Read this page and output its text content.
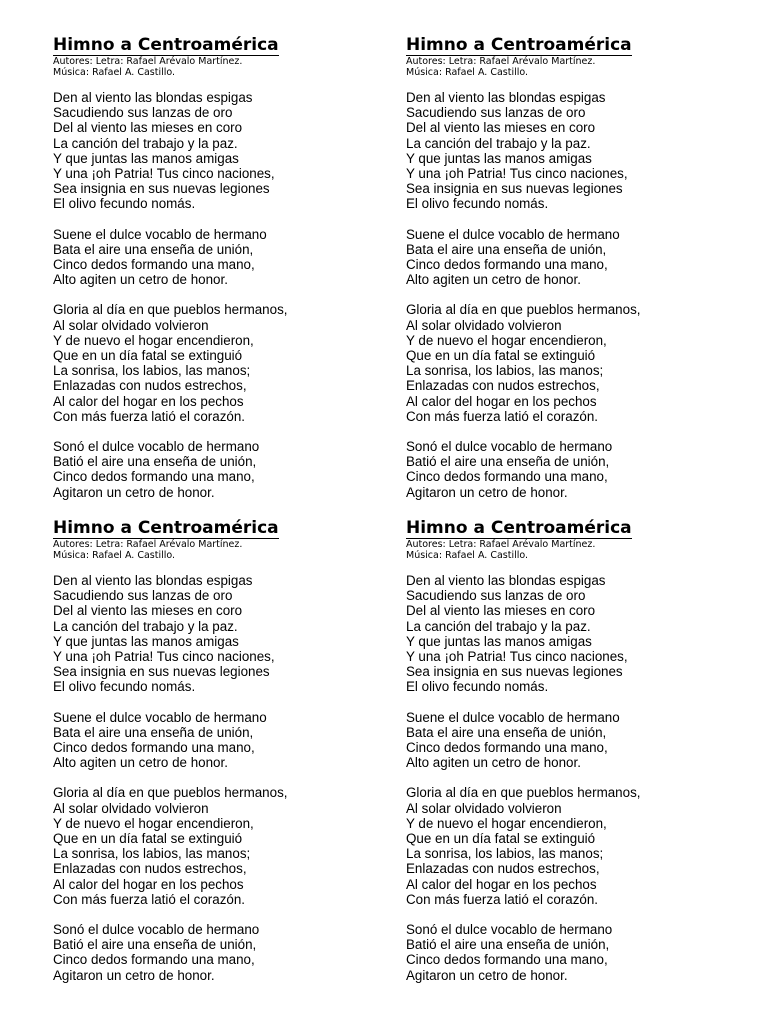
Himno a Centroamérica

Autores: Letra: Rafael Arévalo Martínez.

Música: Rafael A. Castillo.

Den al viento las blondas espigas
Sacudiendo sus lanzas de oro
Del al viento las mieses en coro
La canción del trabajo y la paz.
Y que juntas las manos amigas
Y una ¡oh Patria! Tus cinco naciones,
Sea insignia en sus nuevas legiones
El olivo fecundo nomás.
Suene el dulce vocablo de hermano
Bata el aire una enseña de unión,
Cinco dedos formando una mano,
Alto agiten un cetro de honor.
Gloria al día en que pueblos hermanos,
Al solar olvidado volvieron
Y de nuevo el hogar encendieron,
Que en un día fatal se extinguió
La sonrisa, los labios, las manos;
Enlazadas con nudos estrechos,
Al calor del hogar en los pechos
Con más fuerza latió el corazón.
Sonó el dulce vocablo de hermano
Batió el aire una enseña de unión,
Cinco dedos formando una mano,
Agitaron un cetro de honor.
Himno a Centroamérica

Autores: Letra: Rafael Arévalo Martínez.

Música: Rafael A. Castillo.

Den al viento las blondas espigas
Sacudiendo sus lanzas de oro
Del al viento las mieses en coro
La canción del trabajo y la paz.
Y que juntas las manos amigas
Y una ¡oh Patria! Tus cinco naciones,
Sea insignia en sus nuevas legiones
El olivo fecundo nomás.
Suene el dulce vocablo de hermano
Bata el aire una enseña de unión,
Cinco dedos formando una mano,
Alto agiten un cetro de honor.
Gloria al día en que pueblos hermanos,
Al solar olvidado volvieron
Y de nuevo el hogar encendieron,
Que en un día fatal se extinguió
La sonrisa, los labios, las manos;
Enlazadas con nudos estrechos,
Al calor del hogar en los pechos
Con más fuerza latió el corazón.
Sonó el dulce vocablo de hermano
Batió el aire una enseña de unión,
Cinco dedos formando una mano,
Agitaron un cetro de honor.
Himno a Centroamérica

Autores: Letra: Rafael Arévalo Martínez.

Música: Rafael A. Castillo.

Den al viento las blondas espigas
Sacudiendo sus lanzas de oro
Del al viento las mieses en coro
La canción del trabajo y la paz.
Y que juntas las manos amigas
Y una ¡oh Patria! Tus cinco naciones,
Sea insignia en sus nuevas legiones
El olivo fecundo nomás.
Suene el dulce vocablo de hermano
Bata el aire una enseña de unión,
Cinco dedos formando una mano,
Alto agiten un cetro de honor.
Gloria al día en que pueblos hermanos,
Al solar olvidado volvieron
Y de nuevo el hogar encendieron,
Que en un día fatal se extinguió
La sonrisa, los labios, las manos;
Enlazadas con nudos estrechos,
Al calor del hogar en los pechos
Con más fuerza latió el corazón.
Sonó el dulce vocablo de hermano
Batió el aire una enseña de unión,
Cinco dedos formando una mano,
Agitaron un cetro de honor.
Himno a Centroamérica

Autores: Letra: Rafael Arévalo Martínez.

Música: Rafael A. Castillo.

Den al viento las blondas espigas
Sacudiendo sus lanzas de oro
Del al viento las mieses en coro
La canción del trabajo y la paz.
Y que juntas las manos amigas
Y una ¡oh Patria! Tus cinco naciones,
Sea insignia en sus nuevas legiones
El olivo fecundo nomás.
Suene el dulce vocablo de hermano
Bata el aire una enseña de unión,
Cinco dedos formando una mano,
Alto agiten un cetro de honor.
Gloria al día en que pueblos hermanos,
Al solar olvidado volvieron
Y de nuevo el hogar encendieron,
Que en un día fatal se extinguió
La sonrisa, los labios, las manos;
Enlazadas con nudos estrechos,
Al calor del hogar en los pechos
Con más fuerza latió el corazón.
Sonó el dulce vocablo de hermano
Batió el aire una enseña de unión,
Cinco dedos formando una mano,
Agitaron un cetro de honor.
